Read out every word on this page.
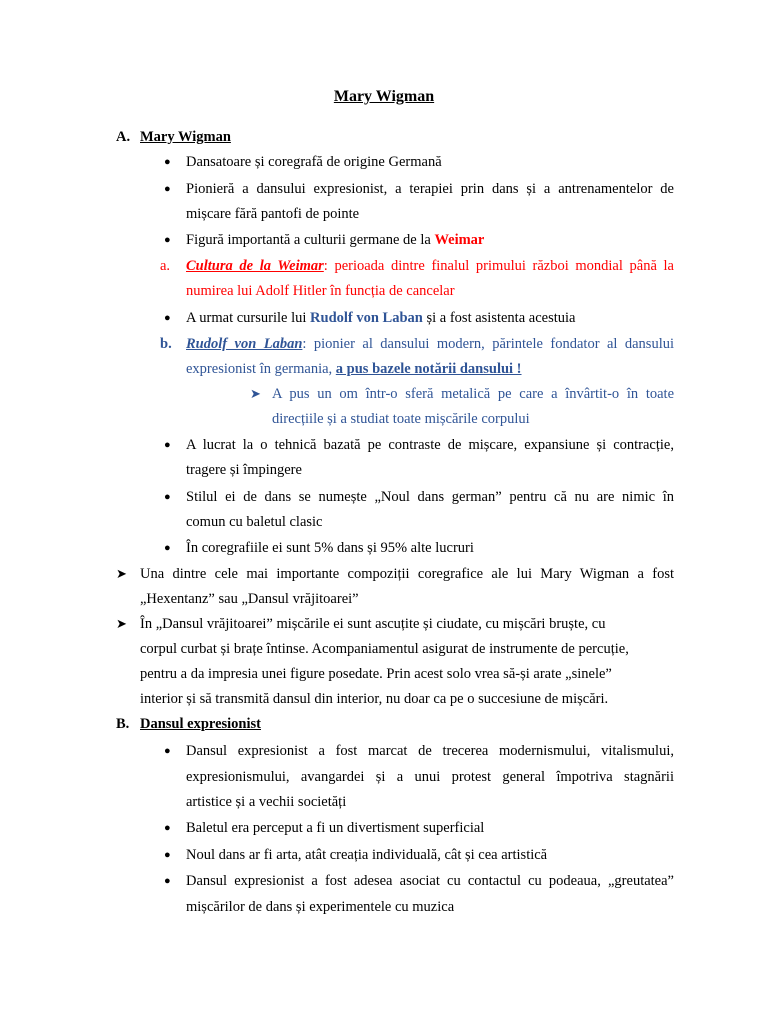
Mary Wigman
A. Mary Wigman
● Dansatoare și coregrafă de origine Germană
● Pionieră a dansului expresionist, a terapiei prin dans și a antrenamentelor de
mișcare fără pantofi de pointe
● Figură importantă a culturii germane de la Weimar
a. Cultura de la Weimar: perioada dintre finalul primului război mondial până la
numirea lui Adolf Hitler în funcția de cancelar
● A urmat cursurile lui Rudolf von Laban și a fost asistenta acestuia
b. Rudolf von Laban: pionier al dansului modern, părintele fondator al dansului
expresionist în germania, a pus bazele notării dansului !
➤ A pus un om într-o sferă metalică pe care a învârtit-o în toate
direcțiile și a studiat toate mișcările corpului
● A lucrat la o tehnică bazată pe contraste de mișcare, expansiune și contracție,
tragere și împingere
● Stilul ei de dans se numește „Noul dans german” pentru că nu are nimic în
comun cu baletul clasic
● În coregrafiile ei sunt 5% dans și 95% alte lucruri
➤ Una dintre cele mai importante compoziții coregrafice ale lui Mary Wigman a fost
„Hexentanz” sau „Dansul vrăjitoarei”
➤ În „Dansul vrăjitoarei” mișcările ei sunt ascuțite și ciudate, cu mișcări bruște, cu
corpul curbat și brațe întinse. Acompaniamentul asigurat de instrumente de percuție,
pentru a da impresia unei figure posedate. Prin acest solo vrea să-și arate „sinele”
interior și să transmită dansul din interior, nu doar ca pe o succesiune de mișcări.
B. Dansul expresionist
● Dansul expresionist a fost marcat de trecerea modernismului, vitalismului,
expresionismului, avangardei și a unui protest general împotriva stagnării
artistice și a vechii societăți
● Baletul era perceput a fi un divertisment superficial
● Noul dans ar fi arta, atât creația individuală, cât și cea artistică
● Dansul expresionist a fost adesea asociat cu contactul cu podeaua, „greutatea”
mișcărilor de dans și experimentele cu muzica
